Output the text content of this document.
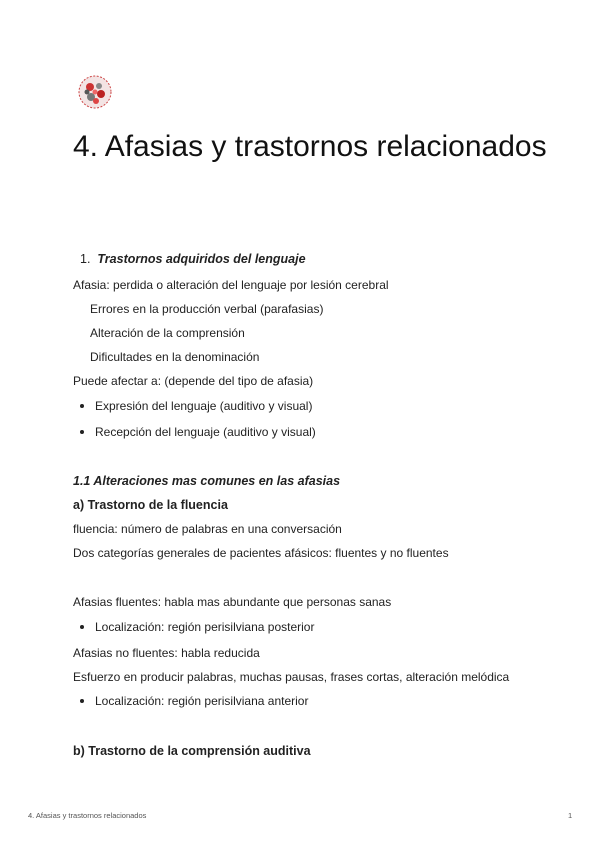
4. Afasias y trastornos relacionados
1. Trastornos adquiridos del lenguaje
Afasia: perdida o alteración del lenguaje por lesión cerebral
Errores en la producción verbal (parafasias)
Alteración de la comprensión
Dificultades en la denominación
Puede afectar a: (depende del tipo de afasia)
Expresión del lenguaje (auditivo y visual)
Recepción del lenguaje (auditivo y visual)
1.1 Alteraciones mas comunes en las afasias
a) Trastorno de la fluencia
fluencia: número de palabras en una conversación
Dos categorías generales de pacientes afásicos: fluentes y no fluentes
Afasias fluentes: habla mas abundante que personas sanas
Localización: región perisilviana posterior
Afasias no fluentes: habla reducida
Esfuerzo en producir palabras, muchas pausas, frases cortas, alteración melódica
Localización: región perisilviana anterior
b) Trastorno de la comprensión auditiva
4. Afasias y trastornos relacionados	1
